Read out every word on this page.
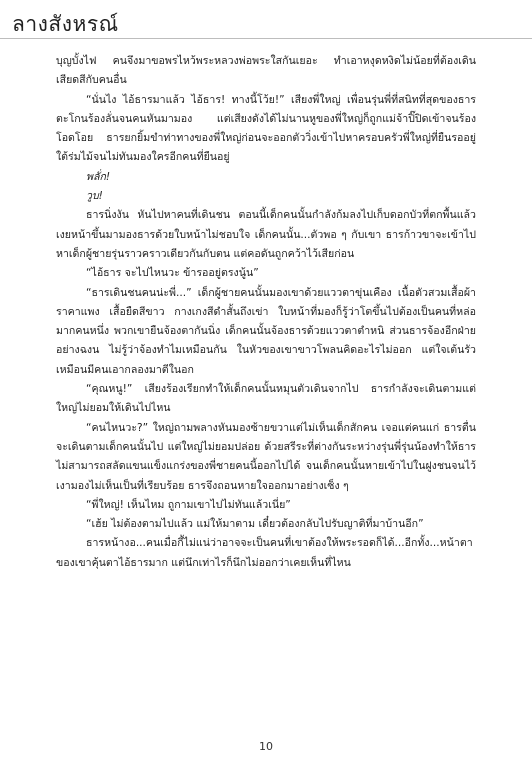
ลางสังหรณ์

บุญบั้งไฟ คนจึงมาขอพรไหว้พระหลวงพ่อพระใสกันเยอะ ทำเอาหงุดหงิดไม่น้อยที่ต้องเดินเสียดสีกับคนอื่น

“นั่นไง ไอ้ธารมาแล้ว ไอ้ธาร! ทางนี้โว้ย!” เสียงพี่ใหญ่ เพื่อนรุ่นพี่ที่สนิทที่สุดของธารตะโกนร้องลั่นจนคนหันมามอง แต่เสียงดังได้ไม่นานหูของพี่ใหญ่ก็ถูกแม่จ้าปิ๊ปิดเข้าจนร้องโอดโอย ธารยกยิ้มขำท่าทางของพี่ใหญ่ก่อนจะออกตัววิ่งเข้าไปหาครอบครัวพี่ใหญ่ที่ยืนรออยู่ใต้ร่มไม้จนไม่ทันมองใครอีกคนที่ยืนอยู่

พลั่ก!

วูบ!

ธารนิ่งงัน หันไปหาคนที่เดินชน ตอนนี้เด็กคนนั้นกำลังก้มลงไปเก็บดอกบัวที่ตกพื้นแล้วเงยหน้าขึ้นมามองธารด้วยใบหน้าไม่ชอบใจ เด็กคนนั้น...ตัวพอ ๆ กับเขา ธารก้าวขาจะเข้าไปหาเด็กผู้ชายรุ่นราวคราวเดียวกันกับตน แต่คอดันถูกคว้าไว้เสียก่อน

“ไอ้ธาร จะไปไหนวะ ข้ารออยู่ตรงนู้น”

“ธารเดินชนคนน่ะพี่...” เด็กผู้ชายคนนั้นมองเขาด้วยแววตาขุ่นเคือง เนื้อตัวสวมเสื้อผ้าราคาแพง เสื้อยืดสีขาว กางเกงสีดำสั้นถึงเข่า ใบหน้าที่มองก็รู้ว่าโตขึ้นไปต้องเป็นคนที่หล่อมากคนหนึ่ง พวกเขายืนจ้องตากันนิ่ง เด็กคนนั้นจ้องธารด้วยแววตาตำหนิ ส่วนธารจ้องอีกฝ่ายอย่างฉงน ไม่รู้ว่าจ้องทำไมเหมือนกัน ในหัวของเขาขาวโพลนคิดอะไรไม่ออก แต่ใจเต้นรัวเหมือนมีคนเอากลองมาตีในอก

“คุณหนู!” เสียงร้องเรียกทำให้เด็กคนนั้นหมุนตัวเดินจากไป ธารกำลังจะเดินตามแต่ใหญ่ไม่ยอมให้เดินไปไหน

“คนไหนวะ?” ใหญ่ถามพลางหันมองซ้ายขวาแต่ไม่เห็นเด็กสักคน เจอแต่คนแก่ ธารตื่นจะเดินตามเด็กคนนั้นไป แต่ใหญ่ไม่ยอมปล่อย ด้วยสรีระที่ต่างกันระหว่างรุ่นพี่รุ่นน้องทำให้ธารไม่สามารถสลัดแขนแข็งแกร่งของพี่ชายคนนี้ออกไปได้ จนเด็กคนนั้นหายเข้าไปในฝูงชนจนไว้เงามองไม่เห็นเป็นที่เรียบร้อย ธารจึงถอนหายใจออกมาอย่างเซ็ง ๆ

“พี่ใหญ่! เห็นไหม ถูกามเขาไปไม่ทันแล้วเนี่ย”

“เฮ้ย ไม่ต้องตามไปแล้ว แม่ให้มาตาม เดี๋ยวต้องกลับไปรับญาติที่มาบ้านอีก”

ธารหน้างอ...คนเมื่อกี้ไม่แน่ว่าอาจจะเป็นคนที่เขาต้องให้พระรอดก็ได้...อีกทั้ง...หน้าตาของเขาคุ้นตาไอ้ธารมาก แต่นึกเท่าไรก็นึกไม่ออกว่าเคยเห็นที่ไหน

10
